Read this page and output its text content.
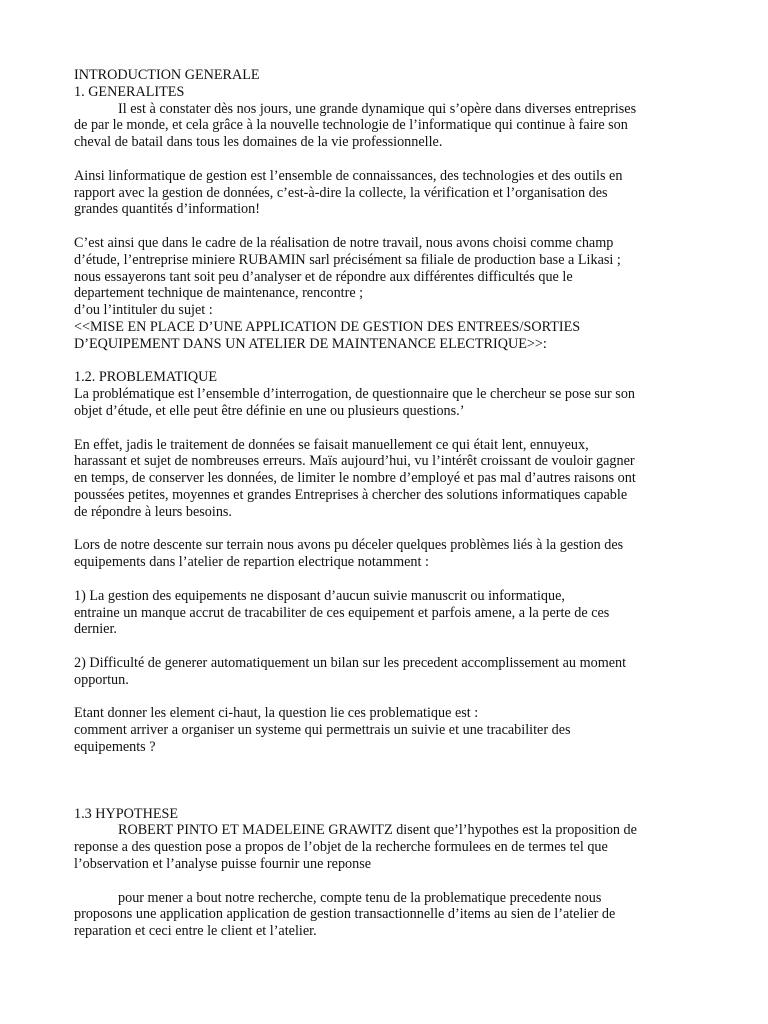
INTRODUCTION GENERALE
1. GENERALITES
Il est à constater dès nos jours, une grande dynamique qui s’opère dans diverses entreprises
de par le monde, et cela grâce à la nouvelle technologie de l’informatique qui continue à faire son
cheval de batail dans tous les domaines de la vie professionnelle.
Ainsi linformatique de gestion est l’ensemble de connaissances, des technologies et des outils en
rapport avec la gestion de données, c’est-à-dire la collecte, la vérification et l’organisation des
grandes quantités d’information!
C’est ainsi que dans le cadre de la réalisation de notre travail, nous avons choisi comme champ
d’étude, l’entreprise miniere RUBAMIN sarl précisément sa filiale de production base a Likasi ;
nous essayerons tant soit peu d’analyser et de répondre aux différentes difficultés que le
departement technique de maintenance, rencontre ;
d’ou l’intituler du sujet :
<<MISE EN PLACE D’UNE APPLICATION DE GESTION DES ENTREES/SORTIES
D’EQUIPEMENT DANS UN ATELIER DE MAINTENANCE ELECTRIQUE>>:
1.2. PROBLEMATIQUE
La problématique est l’ensemble d’interrogation, de questionnaire que le chercheur se pose sur son
objet d’étude, et elle peut être définie en une ou plusieurs questions.’
En effet, jadis le traitement de données se faisait manuellement ce qui était lent, ennuyeux,
harassant et sujet de nombreuses erreurs. Maïs aujourd’hui, vu l’intérêt croissant de vouloir gagner
en temps, de conserver les données, de limiter le nombre d’employé et pas mal d’autres raisons ont
poussées petites, moyennes et grandes Entreprises à chercher des solutions informatiques capable
de répondre à leurs besoins.
Lors de notre descente sur terrain nous avons pu déceler quelques problèmes liés à la gestion des
equipements dans l’atelier de repartion electrique notamment :
1) La gestion des equipements ne disposant d’aucun suivie manuscrit ou informatique,
entraine un manque accrut de tracabiliter de ces equipement et parfois amene, a la perte de ces
dernier.
2) Difficulté de generer automatiquement un bilan sur les precedent accomplissement au moment
opportun.
Etant donner les element ci-haut, la question lie ces problematique est :
comment arriver a organiser un systeme qui permettrais un suivie et une tracabiliter des
equipements ?
1.3 HYPOTHESE
ROBERT PINTO ET MADELEINE GRAWITZ disent que’l’hypothes est la proposition de
reponse a des question pose a propos de l’objet de la recherche formulees en de termes tel que
l’observation et l’analyse puisse fournir une reponse
pour mener a bout notre recherche, compte tenu de la problematique precedente nous
proposons une application application de gestion transactionnelle d’items au sien de l’atelier de
reparation et ceci entre le client et l’atelier.
